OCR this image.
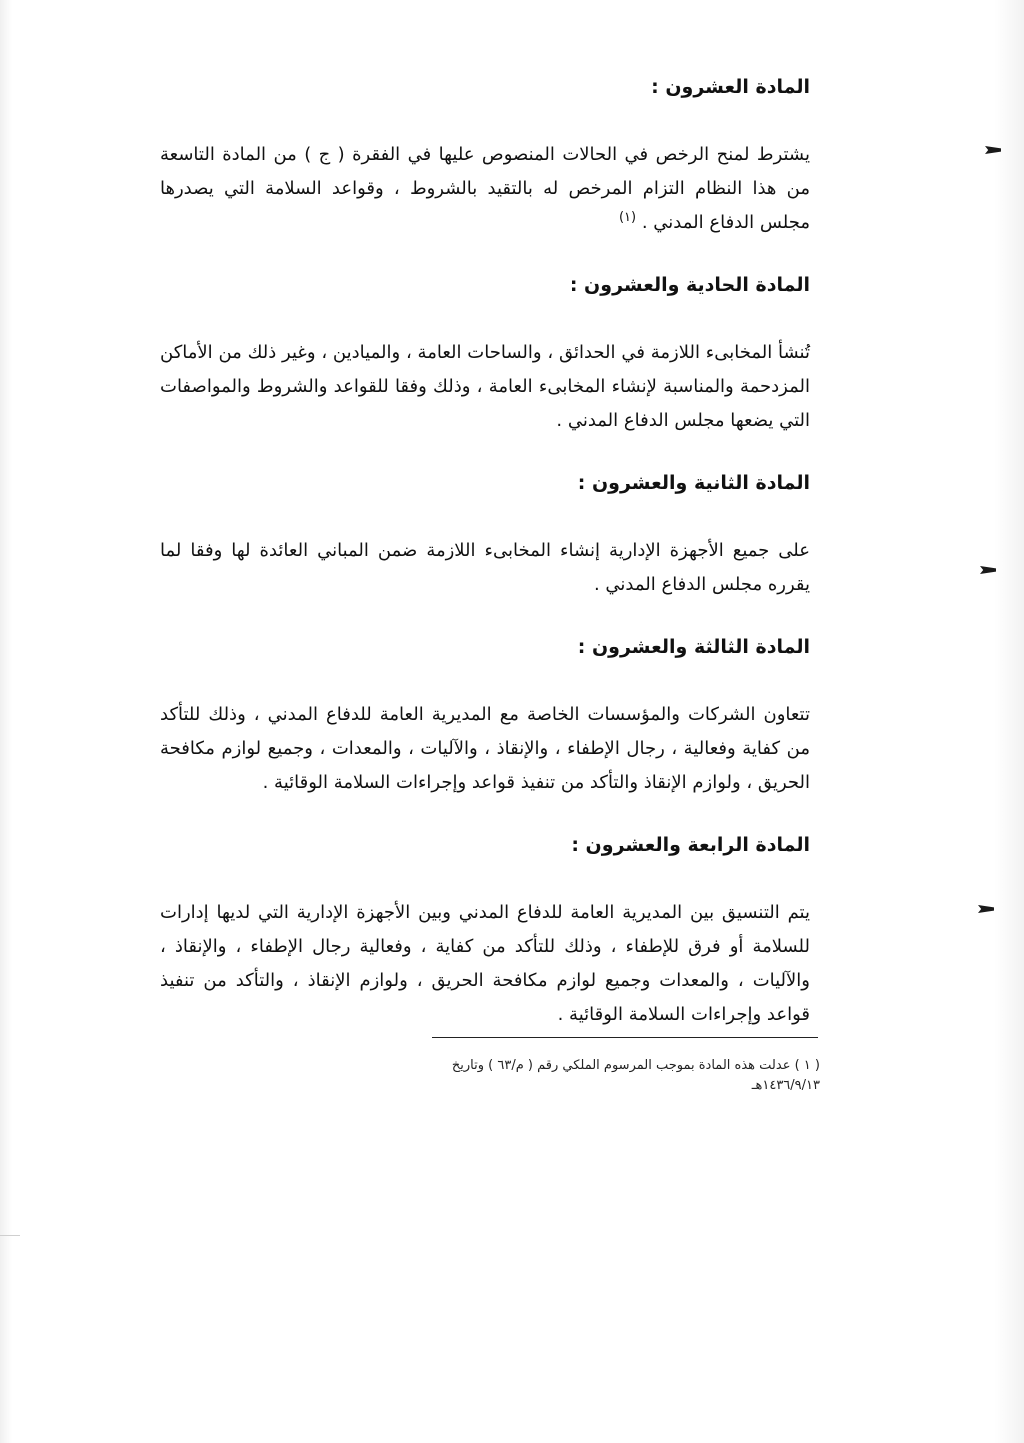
المادة العشرون :

يشترط لمنح الرخص في الحالات المنصوص عليها في الفقرة ( ج ) من المادة التاسعة من هذا النظام التزام المرخص له بالتقيد بالشروط ، وقواعد السلامة التي يصدرها مجلس الدفاع المدني . $^{(١)}$

المادة الحادية والعشرون :

تُنشأ المخابىء اللازمة في الحدائق ، والساحات العامة ، والميادين ، وغير ذلك من الأماكن المزدحمة والمناسبة لإنشاء المخابىء العامة ، وذلك وفقا للقواعد والشروط والمواصفات التي يضعها مجلس الدفاع المدني .

المادة الثانية والعشرون :

على جميع الأجهزة الإدارية إنشاء المخابىء اللازمة ضمن المباني العائدة لها وفقا لما يقرره مجلس الدفاع المدني .

المادة الثالثة والعشرون :

تتعاون الشركات والمؤسسات الخاصة مع المديرية العامة للدفاع المدني ، وذلك للتأكد من كفاية وفعالية ، رجال الإطفاء ، والإنقاذ ، والآليات ، والمعدات ، وجميع لوازم مكافحة الحريق ، ولوازم الإنقاذ والتأكد من تنفيذ قواعد وإجراءات السلامة الوقائية .

المادة الرابعة والعشرون :

يتم التنسيق بين المديرية العامة للدفاع المدني وبين الأجهزة الإدارية التي لديها إدارات للسلامة أو فرق للإطفاء ، وذلك للتأكد من كفاية ، وفعالية رجال الإطفاء ، والإنقاذ ، والآليات ، والمعدات وجميع لوازم مكافحة الحريق ، ولوازم الإنقاذ ، والتأكد من تنفيذ قواعد وإجراءات السلامة الوقائية .

( ١ ) عدلت هذه المادة بموجب المرسوم الملكي رقم ( م/٦٣ ) وتاريخ ١٤٣٦/٩/١٣هـ
